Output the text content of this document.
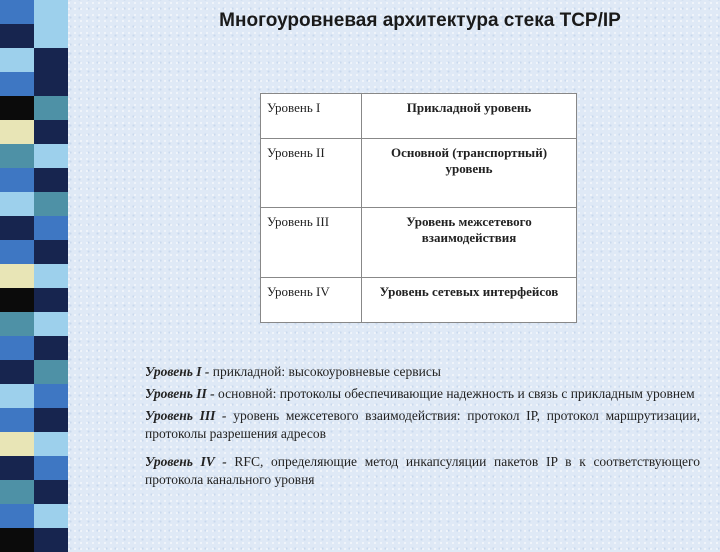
Многоуровневая архитектура стека TCP/IP
Уровень I	Прикладной уровень
Уровень II	Основной (транспортный) уровень
Уровень III	Уровень межсетевого взаимодействия
Уровень IV	Уровень сетевых интерфейсов

Уровень I - прикладной: высокоуровневые сервисы

Уровень II - основной: протоколы обеспечивающие надежность и связь с прикладным уровнем

Уровень III - уровень межсетевого взаимодействия: протокол IP, протокол маршрутизации, протоколы разрешения адресов

Уровень IV - RFC, определяющие метод инкапсуляции пакетов IP в к соответствующего протокола канального уровня
